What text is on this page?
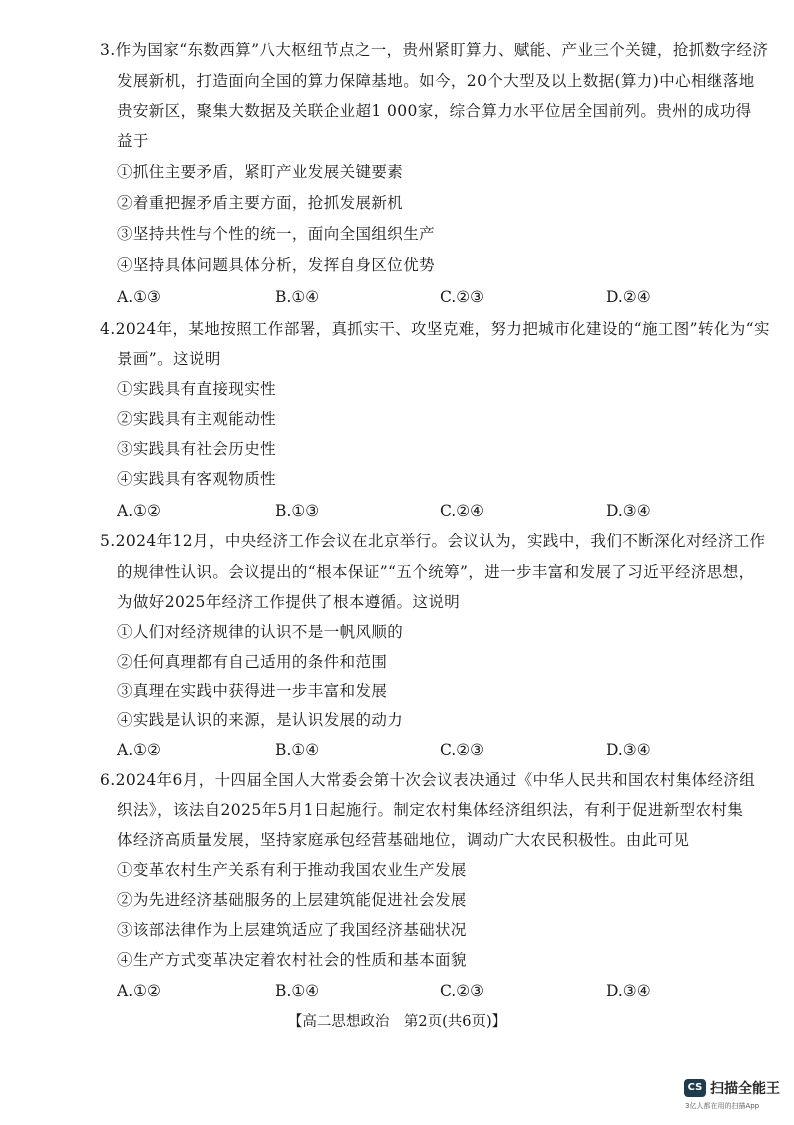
3.作为国家“东数西算”八大枢纽节点之一，贵州紧盯算力、赋能、产业三个关键，抢抓数字经济
发展新机，打造面向全国的算力保障基地。如今，20个大型及以上数据(算力)中心相继落地
贵安新区，聚集大数据及关联企业超1 000家，综合算力水平位居全国前列。贵州的成功得
益于
①抓住主要矛盾，紧盯产业发展关键要素
②着重把握矛盾主要方面，抢抓发展新机
③坚持共性与个性的统一，面向全国组织生产
④坚持具体问题具体分析，发挥自身区位优势
A.①③	B.①④	C.②③	D.②④
4.2024年，某地按照工作部署，真抓实干、攻坚克难，努力把城市化建设的“施工图”转化为“实
景画”。这说明
①实践具有直接现实性
②实践具有主观能动性
③实践具有社会历史性
④实践具有客观物质性
A.①②	B.①③	C.②④	D.③④
5.2024年12月，中央经济工作会议在北京举行。会议认为，实践中，我们不断深化对经济工作
的规律性认识。会议提出的“根本保证”“五个统筹”，进一步丰富和发展了习近平经济思想，
为做好2025年经济工作提供了根本遵循。这说明
①人们对经济规律的认识不是一帆风顺的
②任何真理都有自己适用的条件和范围
③真理在实践中获得进一步丰富和发展
④实践是认识的来源，是认识发展的动力
A.①②	B.①④	C.②③	D.③④
6.2024年6月，十四届全国人大常委会第十次会议表决通过《中华人民共和国农村集体经济组
织法》，该法自2025年5月1日起施行。制定农村集体经济组织法，有利于促进新型农村集
体经济高质量发展，坚持家庭承包经营基础地位，调动广大农民积极性。由此可见
①变革农村生产关系有利于推动我国农业生产发展
②为先进经济基础服务的上层建筑能促进社会发展
③该部法律作为上层建筑适应了我国经济基础状况
④生产方式变革决定着农村社会的性质和基本面貌
A.①②	B.①④	C.②③	D.③④
【高二思想政治　第2页(共6页)】
CS 扫描全能王
3亿人都在用的扫描App
